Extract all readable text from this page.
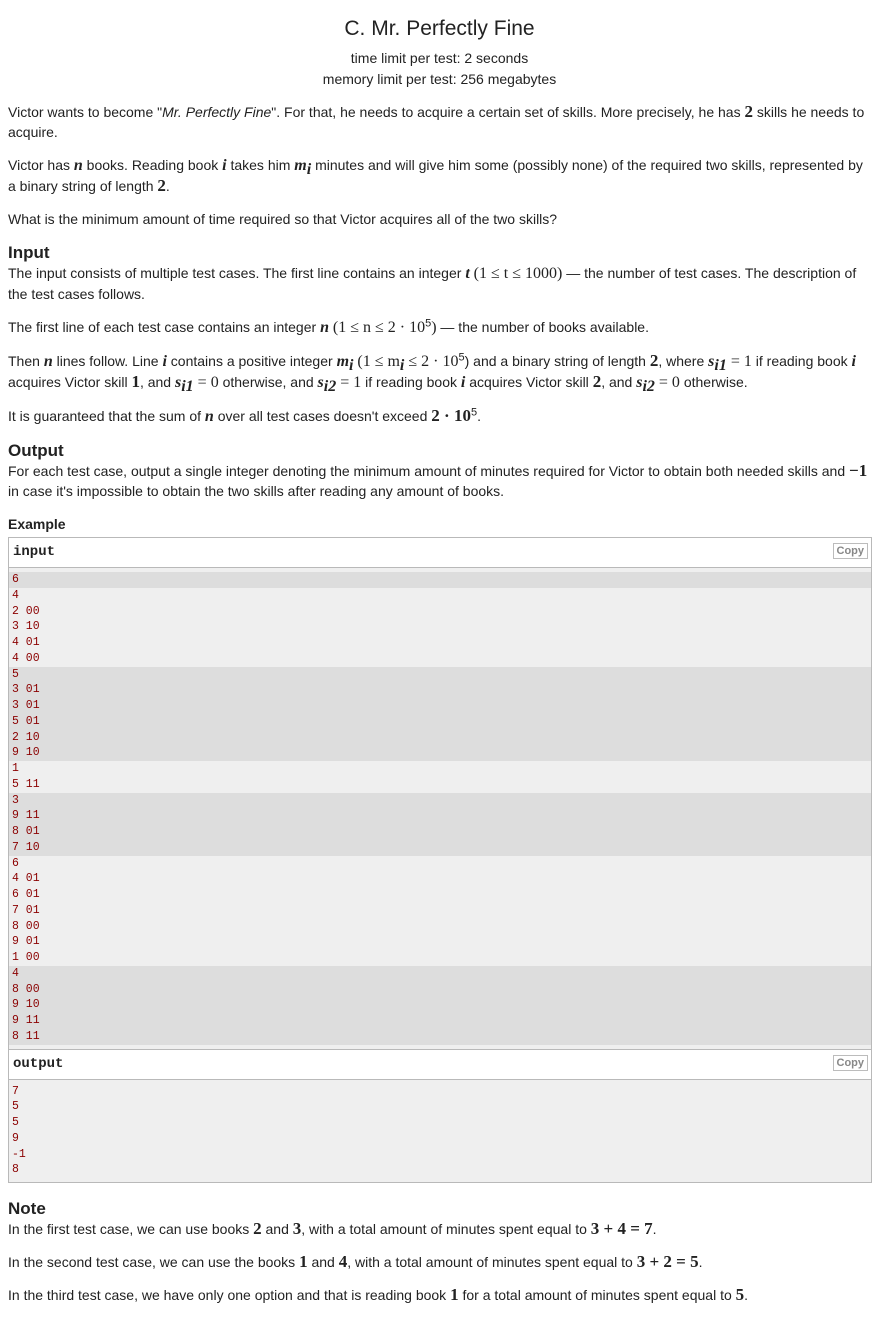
C. Mr. Perfectly Fine
time limit per test: 2 seconds
memory limit per test: 256 megabytes

Victor wants to become "Mr. Perfectly Fine". For that, he needs to acquire a certain set of skills. More precisely, he has 2 skills he needs to acquire.

Victor has n books. Reading book i takes him $m_i$ minutes and will give him some (possibly none) of the required two skills, represented by a binary string of length 2.

What is the minimum amount of time required so that Victor acquires all of the two skills?

Input

The input consists of multiple test cases. The first line contains an integer t (1 ≤ t ≤ 1000) — the number of test cases. The description of the test cases follows.

The first line of each test case contains an integer n $(1 \le n \le 2 \cdot 10^5)$ — the number of books available.

Then n lines follow. Line i contains a positive integer $m_i$ $(1 \le m_i \le 2 \cdot 10^5)$ and a binary string of length 2, where $s_{i1} = 1$ if reading book i acquires Victor skill 1, and $s_{i1} = 0$ otherwise, and $s_{i2} = 1$ if reading book i acquires Victor skill 2, and $s_{i2} = 0$ otherwise.

It is guaranteed that the sum of n over all test cases doesn't exceed $2 \cdot 10^5$.

Output

For each test case, output a single integer denoting the minimum amount of minutes required for Victor to obtain both needed skills and −1 in case it's impossible to obtain the two skills after reading any amount of books.

Example
input	Copy
6
4
2 00
3 10
4 01
4 00
5
3 01
3 01
5 01
2 10
9 10
1
5 11
3
9 11
8 01
7 10
6
4 01
6 01
7 01
8 00
9 01
1 00
4
8 00
9 10
9 11
8 11
output	Copy
7
5
5
9
-1
8
Note

In the first test case, we can use books 2 and 3, with a total amount of minutes spent equal to 3 + 4 = 7.

In the second test case, we can use the books 1 and 4, with a total amount of minutes spent equal to 3 + 2 = 5.

In the third test case, we have only one option and that is reading book 1 for a total amount of minutes spent equal to 5.
